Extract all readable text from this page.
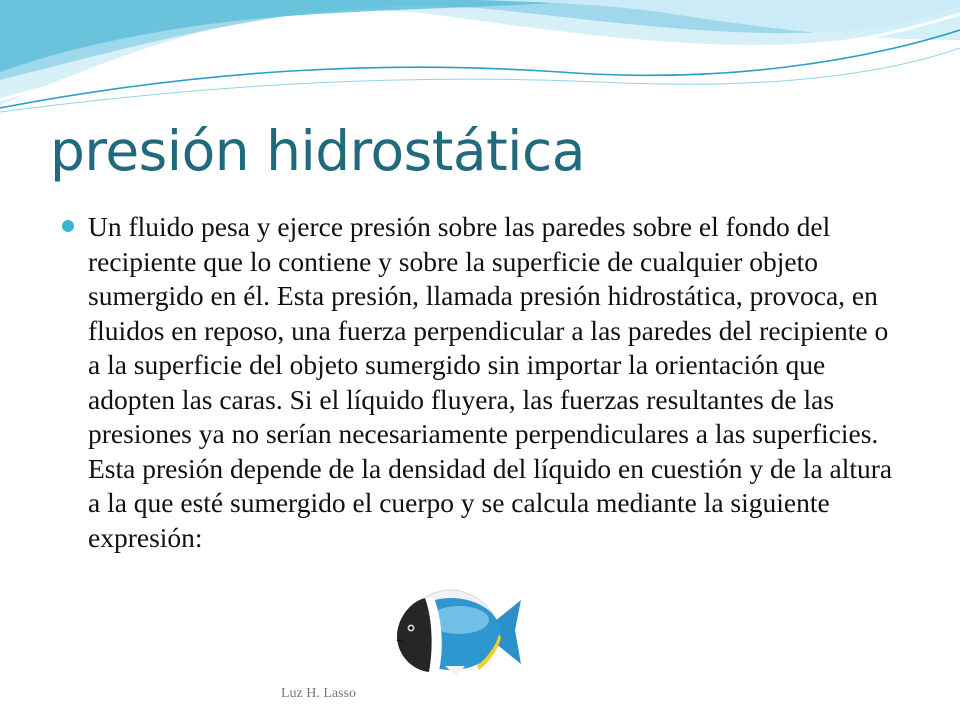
presión hidrostática

Un fluido pesa y ejerce presión sobre las paredes sobre el fondo del recipiente que lo contiene y sobre la superficie de cualquier objeto sumergido en él. Esta presión, llamada presión hidrostática, provoca, en fluidos en reposo, una fuerza perpendicular a las paredes del recipiente o a la superficie del objeto sumergido sin importar la orientación que adopten las caras. Si el líquido fluyera, las fuerzas resultantes de las presiones ya no serían necesariamente perpendiculares a las superficies. Esta presión depende de la densidad del líquido en cuestión y de la altura a la que esté sumergido el cuerpo y se calcula mediante la siguiente expresión:

Luz H. Lasso
